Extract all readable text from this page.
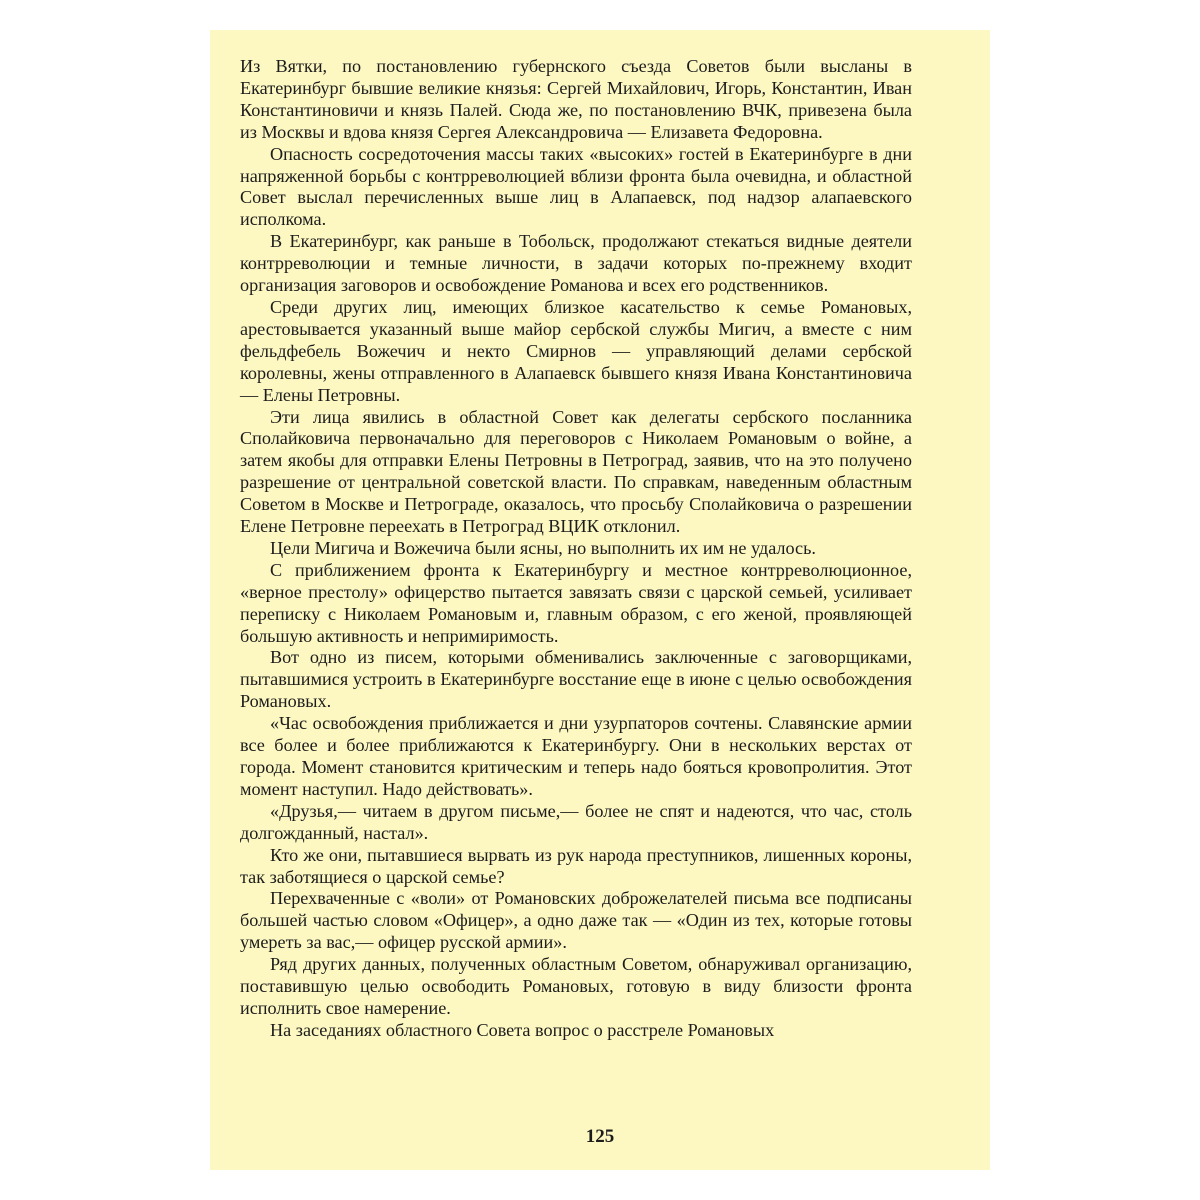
Из Вятки, по постановлению губернского съезда Советов были высланы в Екатеринбург бывшие великие князья: Сергей Михайлович, Игорь, Константин, Иван Константиновичи и князь Палей. Сюда же, по постановлению ВЧК, привезена была из Москвы и вдова князя Сергея Александровича — Елизавета Федоровна.

Опасность сосредоточения массы таких «высоких» гостей в Екатеринбурге в дни напряженной борьбы с контрреволюцией вблизи фронта была очевидна, и областной Совет выслал перечисленных выше лиц в Алапаевск, под надзор алапаевского исполкома.

В Екатеринбург, как раньше в Тобольск, продолжают стекаться видные деятели контрреволюции и темные личности, в задачи которых по-прежнему входит организация заговоров и освобождение Романова и всех его родственников.

Среди других лиц, имеющих близкое касательство к семье Романовых, арестовывается указанный выше майор сербской службы Мигич, а вместе с ним фельдфебель Вожечич и некто Смирнов — управляющий делами сербской королевны, жены отправленного в Алапаевск бывшего князя Ивана Константиновича — Елены Петровны.

Эти лица явились в областной Совет как делегаты сербского посланника Сполайковича первоначально для переговоров с Николаем Романовым о войне, а затем якобы для отправки Елены Петровны в Петроград, заявив, что на это получено разрешение от центральной советской власти. По справкам, наведенным областным Советом в Москве и Петрограде, оказалось, что просьбу Сполайковича о разрешении Елене Петровне переехать в Петроград ВЦИК отклонил.

Цели Мигича и Вожечича были ясны, но выполнить их им не удалось.

С приближением фронта к Екатеринбургу и местное контрреволюционное, «верное престолу» офицерство пытается завязать связи с царской семьей, усиливает переписку с Николаем Романовым и, главным образом, с его женой, проявляющей большую активность и непримиримость.

Вот одно из писем, которыми обменивались заключенные с заговорщиками, пытавшимися устроить в Екатеринбурге восстание еще в июне с целью освобождения Романовых.

«Час освобождения приближается и дни узурпаторов сочтены. Славянские армии все более и более приближаются к Екатеринбургу. Они в нескольких верстах от города. Момент становится критическим и теперь надо бояться кровопролития. Этот момент наступил. Надо действовать».

«Друзья,— читаем в другом письме,— более не спят и надеются, что час, столь долгожданный, настал».

Кто же они, пытавшиеся вырвать из рук народа преступников, лишенных короны, так заботящиеся о царской семье?

Перехваченные с «воли» от Романовских доброжелателей письма все подписаны большей частью словом «Офицер», а одно даже так — «Один из тех, которые готовы умереть за вас,— офицер русской армии».

Ряд других данных, полученных областным Советом, обнаруживал организацию, поставившую целью освободить Романовых, готовую в виду близости фронта исполнить свое намерение.

На заседаниях областного Совета вопрос о расстреле Романовых

125
